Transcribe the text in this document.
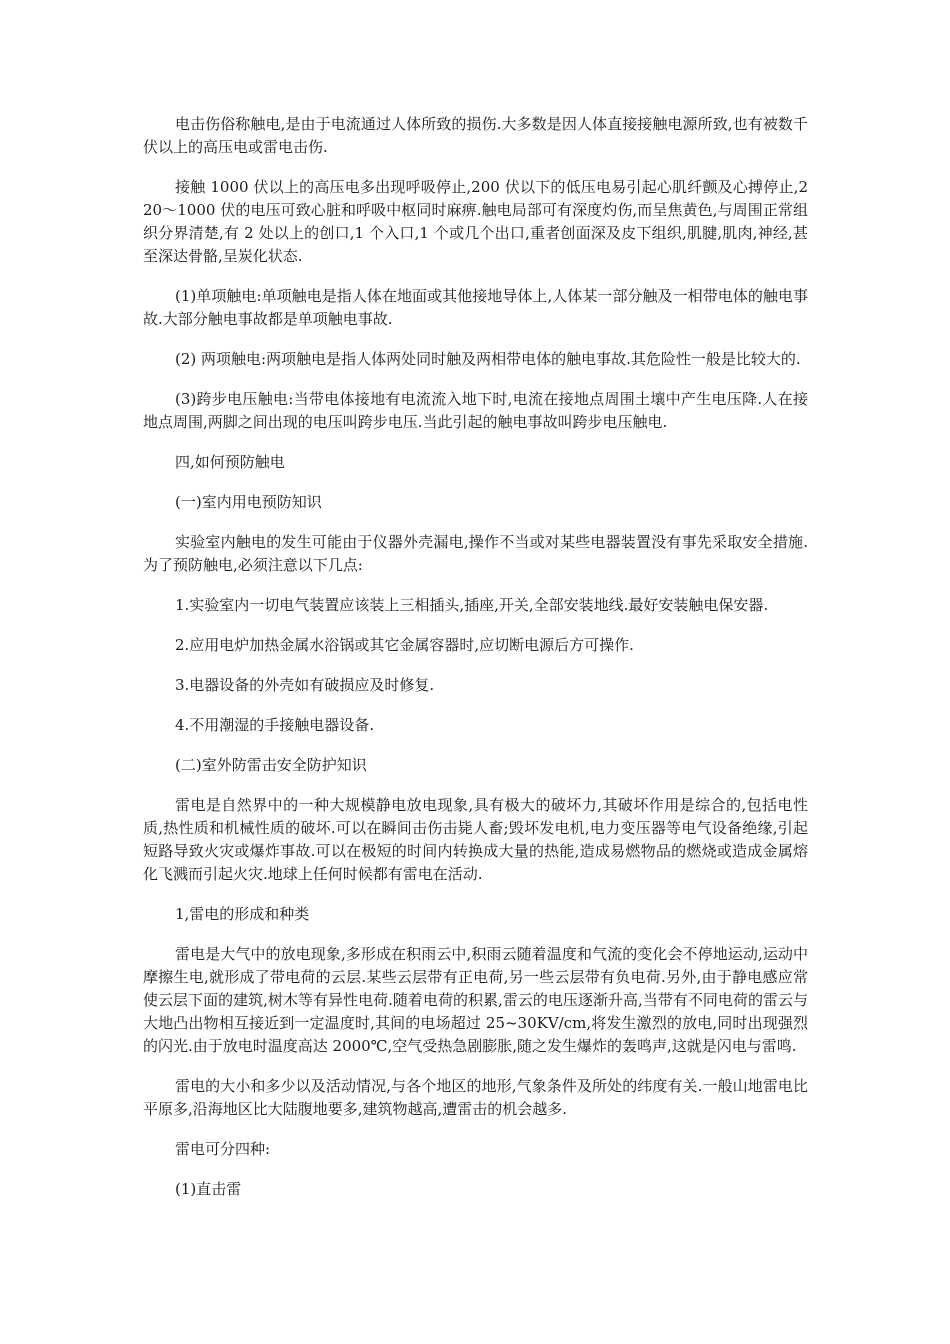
电击伤俗称触电,是由于电流通过人体所致的损伤.大多数是因人体直接接触电源所致,也有被数千伏以上的高压电或雷电击伤.

接触 1000 伏以上的高压电多出现呼吸停止,200 伏以下的低压电易引起心肌纤颤及心搏停止,220～1000 伏的电压可致心脏和呼吸中枢同时麻痹.触电局部可有深度灼伤,而呈焦黄色,与周围正常组织分界清楚,有 2 处以上的创口,1 个入口,1 个或几个出口,重者创面深及皮下组织,肌腱,肌肉,神经,甚至深达骨骼,呈炭化状态.

(1)单项触电:单项触电是指人体在地面或其他接地导体上,人体某一部分触及一相带电体的触电事故.大部分触电事故都是单项触电事故.

(2) 两项触电:两项触电是指人体两处同时触及两相带电体的触电事故.其危险性一般是比较大的.

(3)跨步电压触电:当带电体接地有电流流入地下时,电流在接地点周围土壤中产生电压降.人在接地点周围,两脚之间出现的电压叫跨步电压.当此引起的触电事故叫跨步电压触电.

四,如何预防触电

(一)室内用电预防知识

实验室内触电的发生可能由于仪器外壳漏电,操作不当或对某些电器装置没有事先采取安全措施.为了预防触电,必须注意以下几点:

1.实验室内一切电气装置应该装上三相插头,插座,开关,全部安装地线.最好安装触电保安器.

2.应用电炉加热金属水浴锅或其它金属容器时,应切断电源后方可操作.

3.电器设备的外壳如有破损应及时修复.

4.不用潮湿的手接触电器设备.

(二)室外防雷击安全防护知识

雷电是自然界中的一种大规模静电放电现象,具有极大的破坏力,其破坏作用是综合的,包括电性质,热性质和机械性质的破坏.可以在瞬间击伤击毙人畜;毁坏发电机,电力变压器等电气设备绝缘,引起短路导致火灾或爆炸事故.可以在极短的时间内转换成大量的热能,造成易燃物品的燃烧或造成金属熔化飞溅而引起火灾.地球上任何时候都有雷电在活动.

1,雷电的形成和种类

雷电是大气中的放电现象,多形成在积雨云中,积雨云随着温度和气流的变化会不停地运动,运动中摩擦生电,就形成了带电荷的云层.某些云层带有正电荷,另一些云层带有负电荷.另外,由于静电感应常使云层下面的建筑,树木等有异性电荷.随着电荷的积累,雷云的电压逐渐升高,当带有不同电荷的雷云与大地凸出物相互接近到一定温度时,其间的电场超过 25~30KV/cm,将发生激烈的放电,同时出现强烈的闪光.由于放电时温度高达 2000℃,空气受热急剧膨胀,随之发生爆炸的轰鸣声,这就是闪电与雷鸣.

雷电的大小和多少以及活动情况,与各个地区的地形,气象条件及所处的纬度有关.一般山地雷电比平原多,沿海地区比大陆腹地要多,建筑物越高,遭雷击的机会越多.

雷电可分四种:

(1)直击雷
